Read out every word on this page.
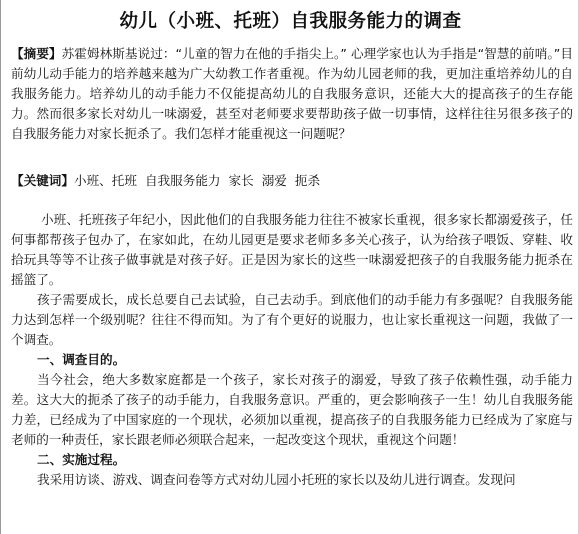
幼儿（小班、托班）自我服务能力的调查
【摘要】苏霍姆林斯基说过：“儿童的智力在他的手指尖上。” 心理学家也认为手指是“智慧的前哨。”目前幼儿动手能力的培养越来越为广大幼教工作者重视。作为幼儿园老师的我，更加注重培养幼儿的自我服务能力。培养幼儿的动手能力不仅能提高幼儿的自我服务意识，还能大大的提高孩子的生存能力。然而很多家长对幼儿一味溺爱，甚至对老师要求要帮助孩子做一切事情，这样往往另很多孩子的自我服务能力对家长扼杀了。我们怎样才能重视这一问题呢？
【关键词】小班、托班  自我服务能力  家长  溺爱  扼杀

小班、托班孩子年纪小，因此他们的自我服务能力往往不被家长重视，很多家长都溺爱孩子，任何事都帮孩子包办了，在家如此，在幼儿园更是要求老师多多关心孩子，认为给孩子喂饭、穿鞋、收拾玩具等等不让孩子做事就是对孩子好。正是因为家长的这些一味溺爱把孩子的自我服务能力扼杀在摇篮了。

孩子需要成长，成长总要自己去试验，自己去动手。到底他们的动手能力有多强呢？自我服务能力达到怎样一个级别呢？往往不得而知。为了有个更好的说服力，也让家长重视这一问题，我做了一个调查。

一、调查目的。

当今社会，绝大多数家庭都是一个孩子，家长对孩子的溺爱，导致了孩子依赖性强，动手能力差。这大大的扼杀了孩子的动手能力，自我服务意识。严重的，更会影响孩子一生！幼儿自我服务能力差，已经成为了中国家庭的一个现状，必须加以重视，提高孩子的自我服务能力已经成为了家庭与老师的一种责任，家长跟老师必须联合起来，一起改变这个现状，重视这个问题！

二、实施过程。

我采用访谈、游戏、调查问卷等方式对幼儿园小托班的家长以及幼儿进行调查。发现问
